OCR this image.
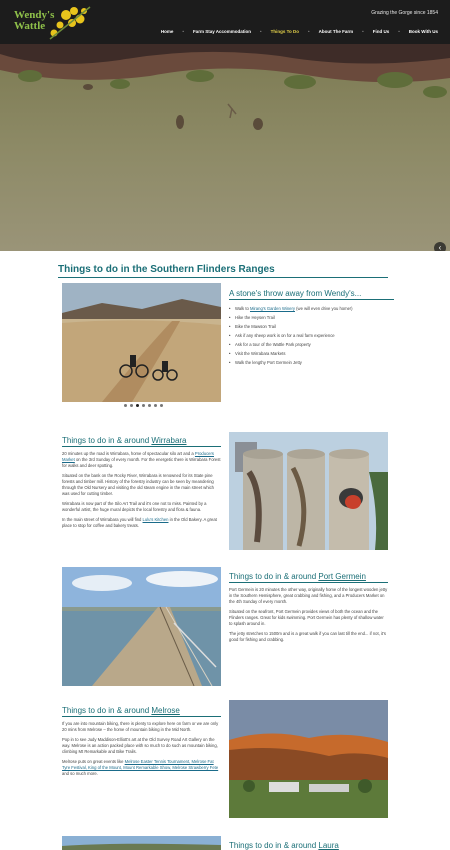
Wendy's
Wattle
Grazing the Gorge since 1854
Home • Farm Stay Accommodation • Things To Do • About The Farm • Find Us • Book With Us
‹
Things to do in the Southern Flinders Ranges
A stone's throw away from Wendy's...
• Walk to Mirang's Garden Winery (we will even drive you home!)
• Hike the Heysen Trail
• Bike the Mawson Trail
• Ask if any sheep work is on for a real farm experience
• Ask for a tour of the Wattle Park property
• Visit the Wirrabara Markets
• Walk the lengthy Port Germein Jetty
Things to do in & around Wirrabara

20 minutes up the road is Wirrabara, home of spectacular silo art and a Producers Market on the 3rd Sunday of every month. For the energetic there is Wirrabara Forest for walks and deer spotting.

Situated on the bank on the Rocky River, Wirrabara is renowned for its State pine forests and timber mill. History of the forestry industry can be seen by meandering through the Old Nursery and visiting the old steam engine in the main street which was used for cutting timber.

Wirrabara is now part of the Silo Art Trail and it's one not to miss. Painted by a wonderful artist, the huge mural depicts the local forestry and flora & fauna.

In the main street of Wirrabara you will find Lulu's Kitchen in the Old Bakery. A great place to stop for coffee and bakery treats.

Things to do in & around Port Germein

Port Germein is 20 minutes the other way, originally home of the longest wooden jetty in the Southern Hemisphere, great crabbing and fishing, and a Producers Market on the 4th Sunday of every month.

Situated on the seafront, Port Germein provides views of both the ocean and the Flinders ranges. Great for kids swimming. Port Germein has plenty of shallow water to splash around in.

The jetty stretches to 1500m and is a great walk if you can last till the end... if not, it's good for fishing and crabbing.

Things to do in & around Melrose

If you are into mountain biking, there is plenty to explore here on farm or we are only 20 mins from Melrose – the home of mountain biking in the Mid North.

Pop in to see Judy Maddison-Elliott's art at the Old Survey Road Art Gallery on the way. Melrose is an action packed place with so much to do such as mountain biking, climbing Mt Remarkable and Bike Trails.

Melrose puts on great events like Melrose Easter Tennis Tournament, Melrose Fat Tyre Festival, King of the Mount, Mount Remarkable Show, Melrose Strawberry Fete and so much more.

Things to do in & around Laura
